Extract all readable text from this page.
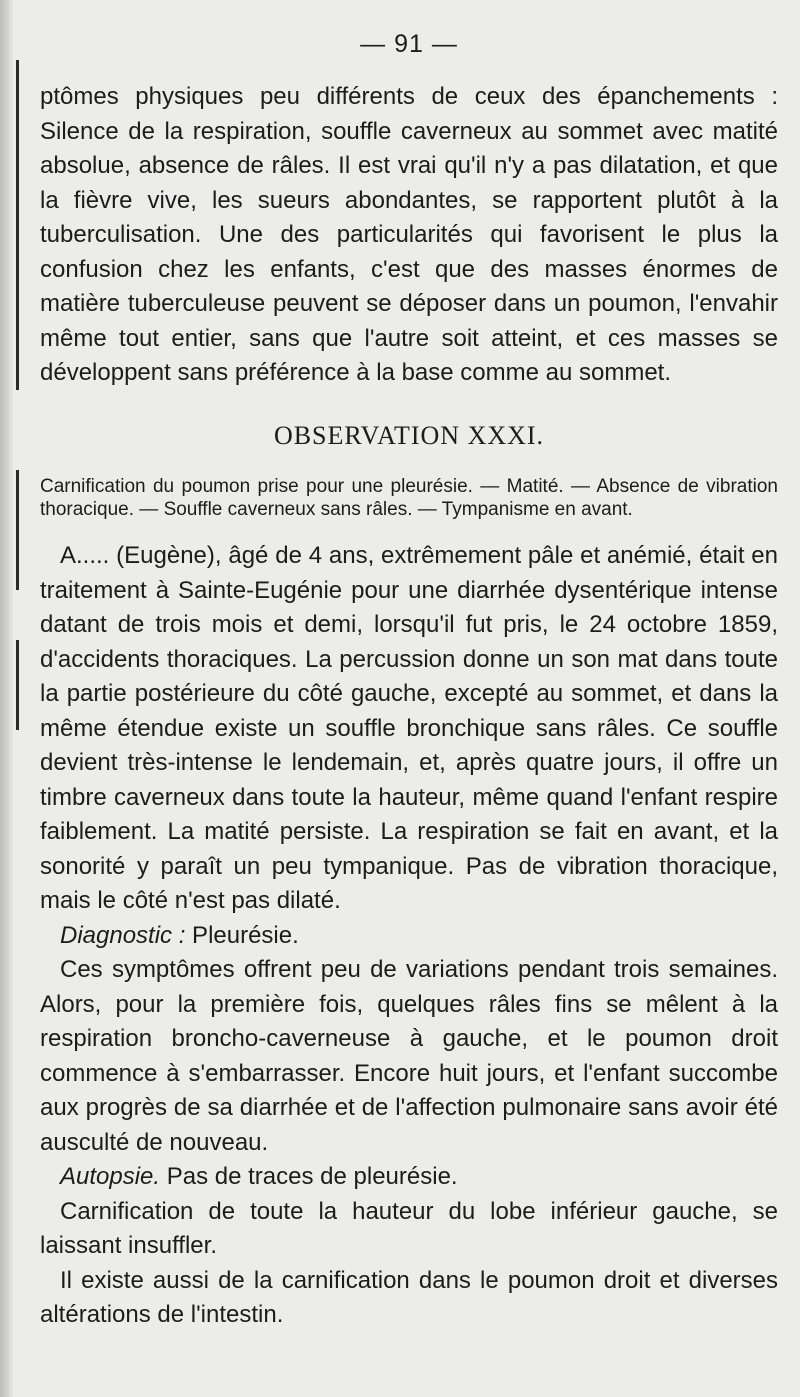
— 91 —

ptômes physiques peu différents de ceux des épanchements : Silence de la respiration, souffle caverneux au sommet avec matité absolue, absence de râles. Il est vrai qu'il n'y a pas dilatation, et que la fièvre vive, les sueurs abondantes, se rapportent plutôt à la tuberculisation. Une des particularités qui favorisent le plus la confusion chez les enfants, c'est que des masses énormes de matière tuberculeuse peuvent se déposer dans un poumon, l'envahir même tout entier, sans que l'autre soit atteint, et ces masses se développent sans préférence à la base comme au sommet.

OBSERVATION XXXI.

Carnification du poumon prise pour une pleurésie. — Matité. — Absence de vibration thoracique. — Souffle caverneux sans râles. — Tympanisme en avant.

A..... (Eugène), âgé de 4 ans, extrêmement pâle et anémié, était en traitement à Sainte-Eugénie pour une diarrhée dysentérique intense datant de trois mois et demi, lorsqu'il fut pris, le 24 octobre 1859, d'accidents thoraciques. La percussion donne un son mat dans toute la partie postérieure du côté gauche, excepté au sommet, et dans la même étendue existe un souffle bronchique sans râles. Ce souffle devient très-intense le lendemain, et, après quatre jours, il offre un timbre caverneux dans toute la hauteur, même quand l'enfant respire faiblement. La matité persiste. La respiration se fait en avant, et la sonorité y paraît un peu tympanique. Pas de vibration thoracique, mais le côté n'est pas dilaté.

Diagnostic : Pleurésie.

Ces symptômes offrent peu de variations pendant trois semaines. Alors, pour la première fois, quelques râles fins se mêlent à la respiration broncho-caverneuse à gauche, et le poumon droit commence à s'embarrasser. Encore huit jours, et l'enfant succombe aux progrès de sa diarrhée et de l'affection pulmonaire sans avoir été ausculté de nouveau.

Autopsie. Pas de traces de pleurésie.

Carnification de toute la hauteur du lobe inférieur gauche, se laissant insuffler.

Il existe aussi de la carnification dans le poumon droit et diverses altérations de l'intestin.
